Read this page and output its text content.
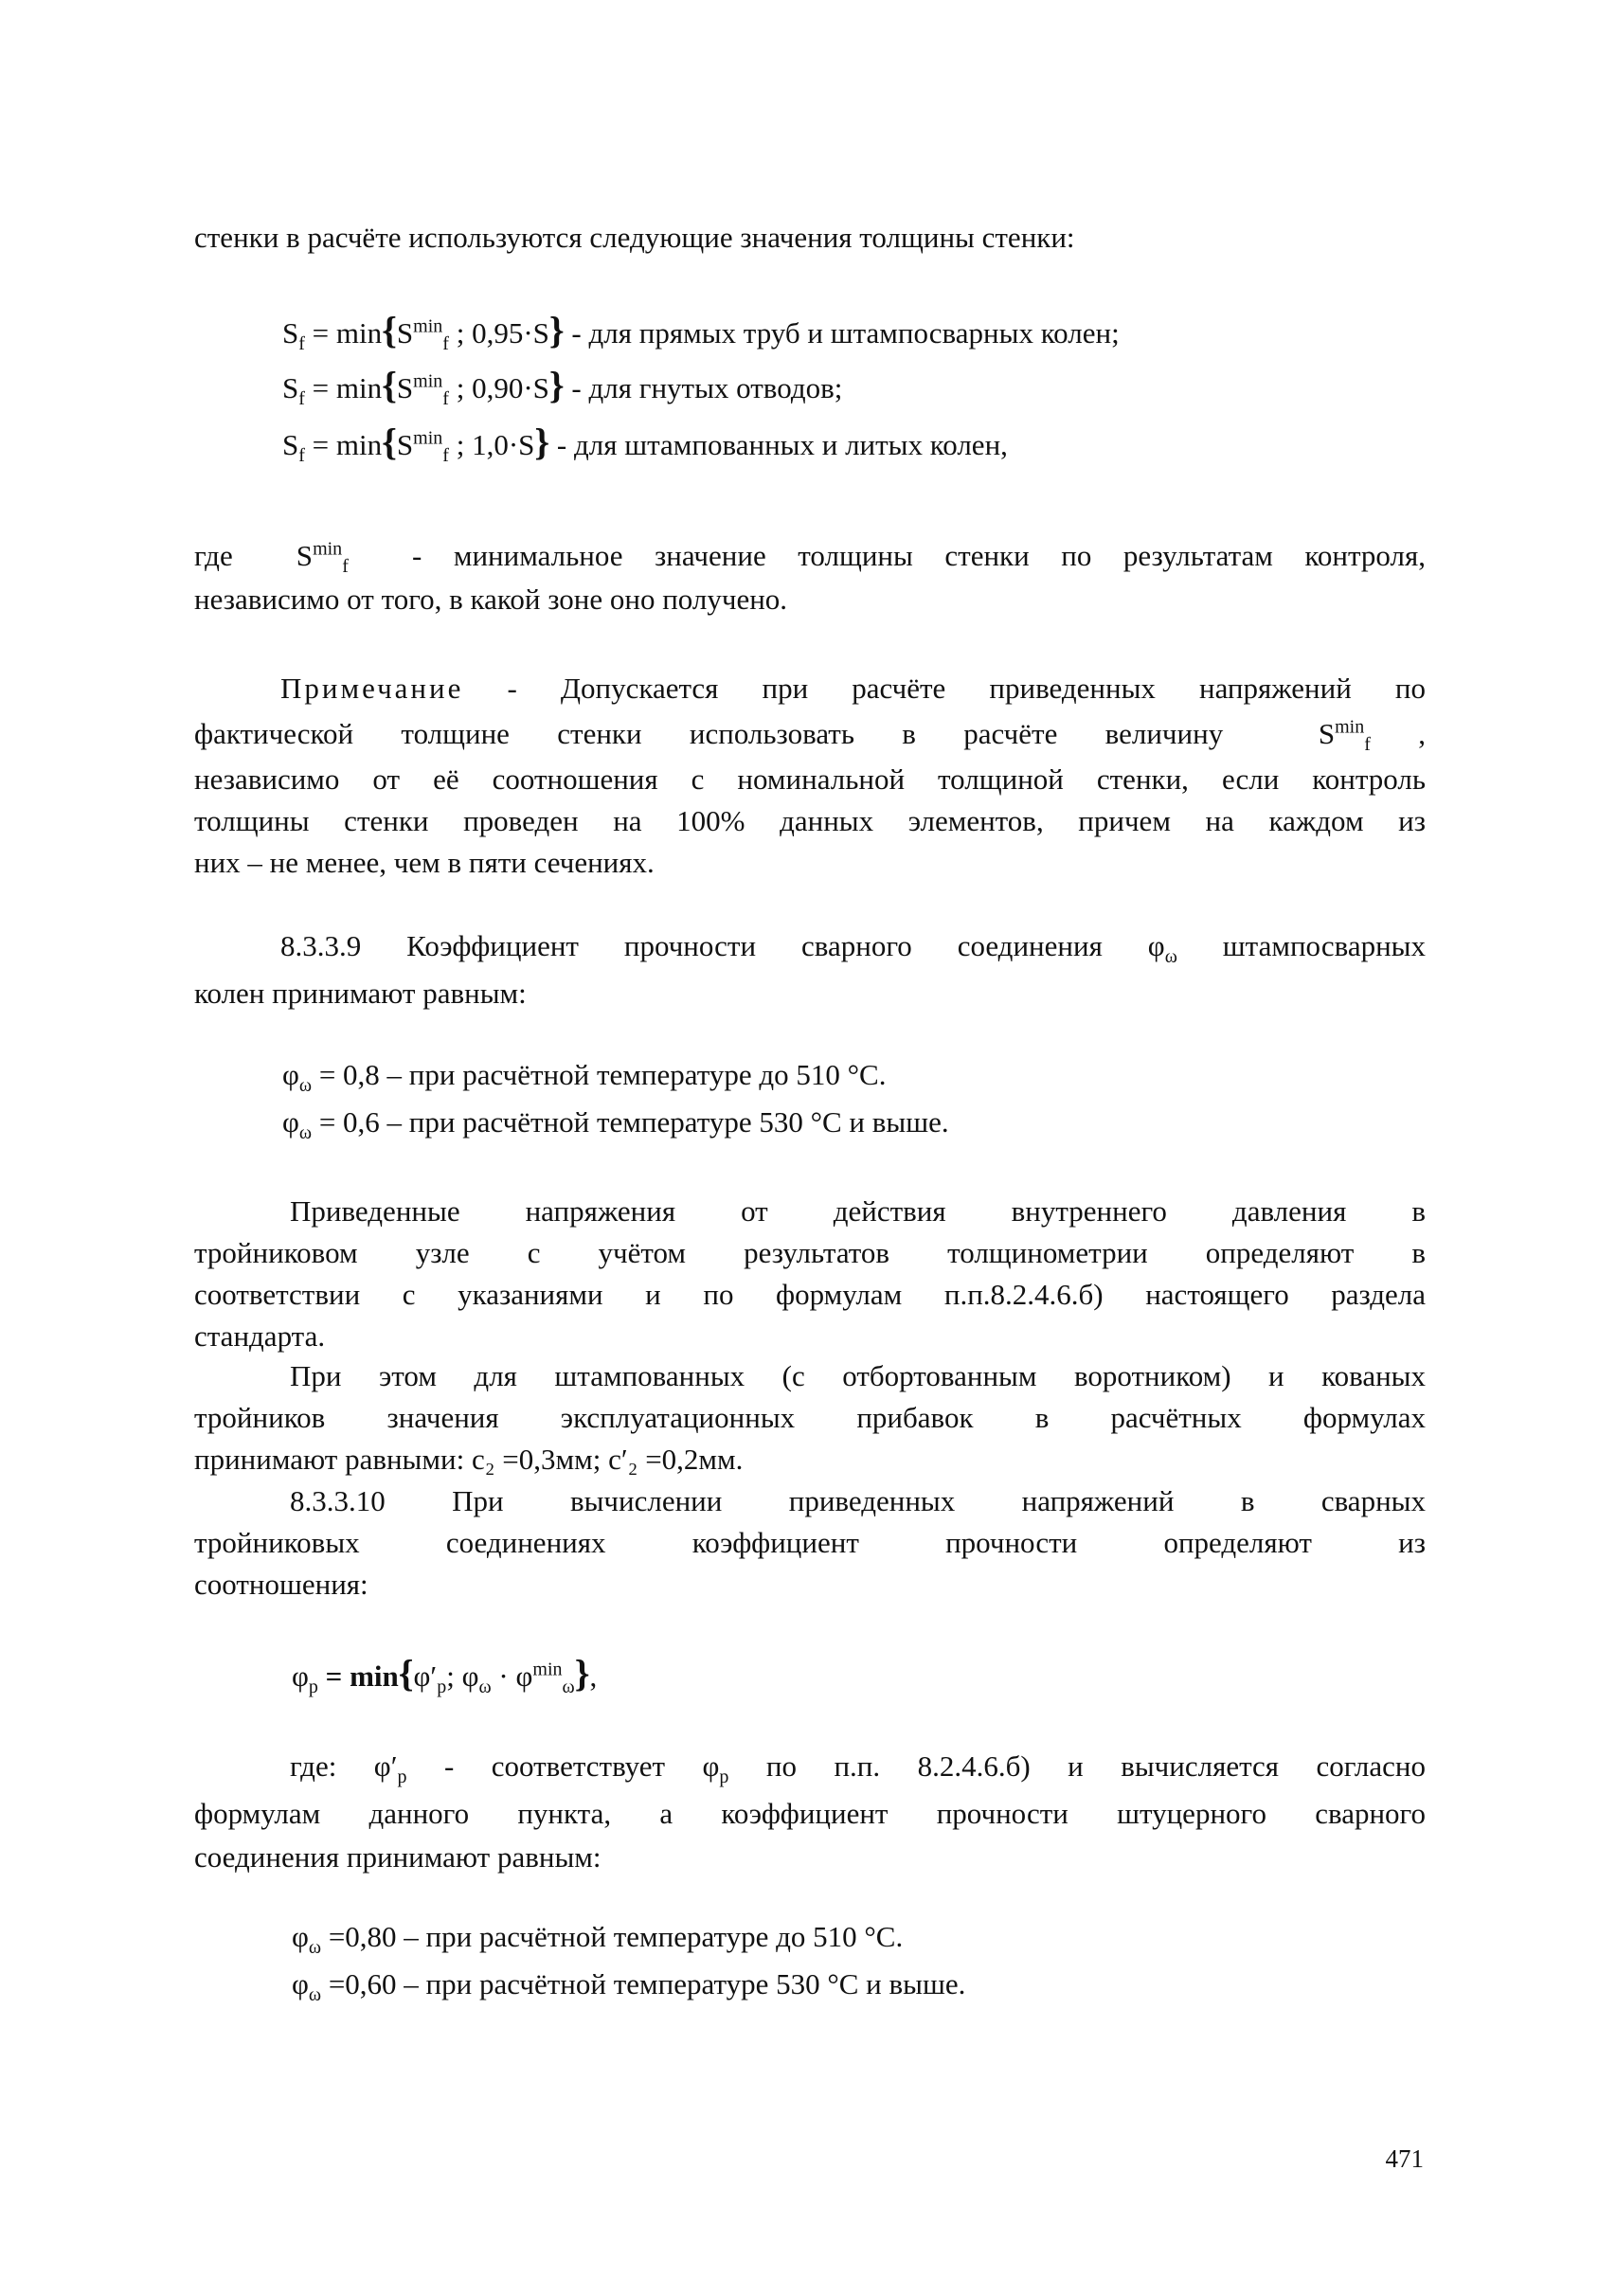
стенки в расчёте используются следующие значения толщины стенки:
$S_f = \min\{S^{min}_f$ ; 0,95·S} - для прямых труб и штампосварных колен;
$S_f = \min\{S^{min}_f$ ; 0,90·S} - для гнутых отводов;
$S_f = \min\{S^{min}_f$ ; 1,0·S} - для штампованных и литых колен,
где  $S^{min}_f$ - минимальное значение толщины стенки по результатам контроля,
независимо от того, в какой зоне оно получено.
Примечание - Допускается при расчёте приведенных напряжений по
фактической толщине стенки использовать в расчёте величину  $S^{min}_f$ ,
независимо от её соотношения с номинальной толщиной стенки, если контроль
толщины стенки проведен на 100% данных элементов, причем на каждом из
них – не менее, чем в пяти сечениях.
8.3.3.9 Коэффициент прочности сварного соединения $\varphi_\omega$ штампосварных
колен принимают равным:
$\varphi_\omega = 0,8$ – при расчётной температуре до 510 °С.
$\varphi_\omega = 0,6$ – при расчётной температуре 530 °С и выше.
Приведенные напряжения от действия внутреннего давления в
тройниковом узле с учётом результатов толщинометрии определяют в
соответствии с указаниями и по формулам п.п.8.2.4.6.б) настоящего раздела
стандарта.
При этом для штампованных (с отбортованным воротником) и кованых
тройников значения эксплуатационных прибавок в расчётных формулах
принимают равными: с₂ =0,3мм; с′₂ =0,2мм.
8.3.3.10 При вычислении приведенных напряжений в сварных
тройниковых соединениях коэффициент прочности определяют из
соотношения:
$\varphi_p = \min\{\varphi'_p$; $\varphi_\omega \cdot \varphi^{min}_\omega$},
где: $\varphi'_p$ - соответствует $\varphi_p$ по п.п. 8.2.4.6.б) и вычисляется согласно
формулам данного пункта, а коэффициент прочности штуцерного сварного
соединения принимают равным:
$\varphi_\omega =0,80$ – при расчётной температуре до 510 °С.
$\varphi_\omega =0,60$ – при расчётной температуре 530 °С и выше.
471
